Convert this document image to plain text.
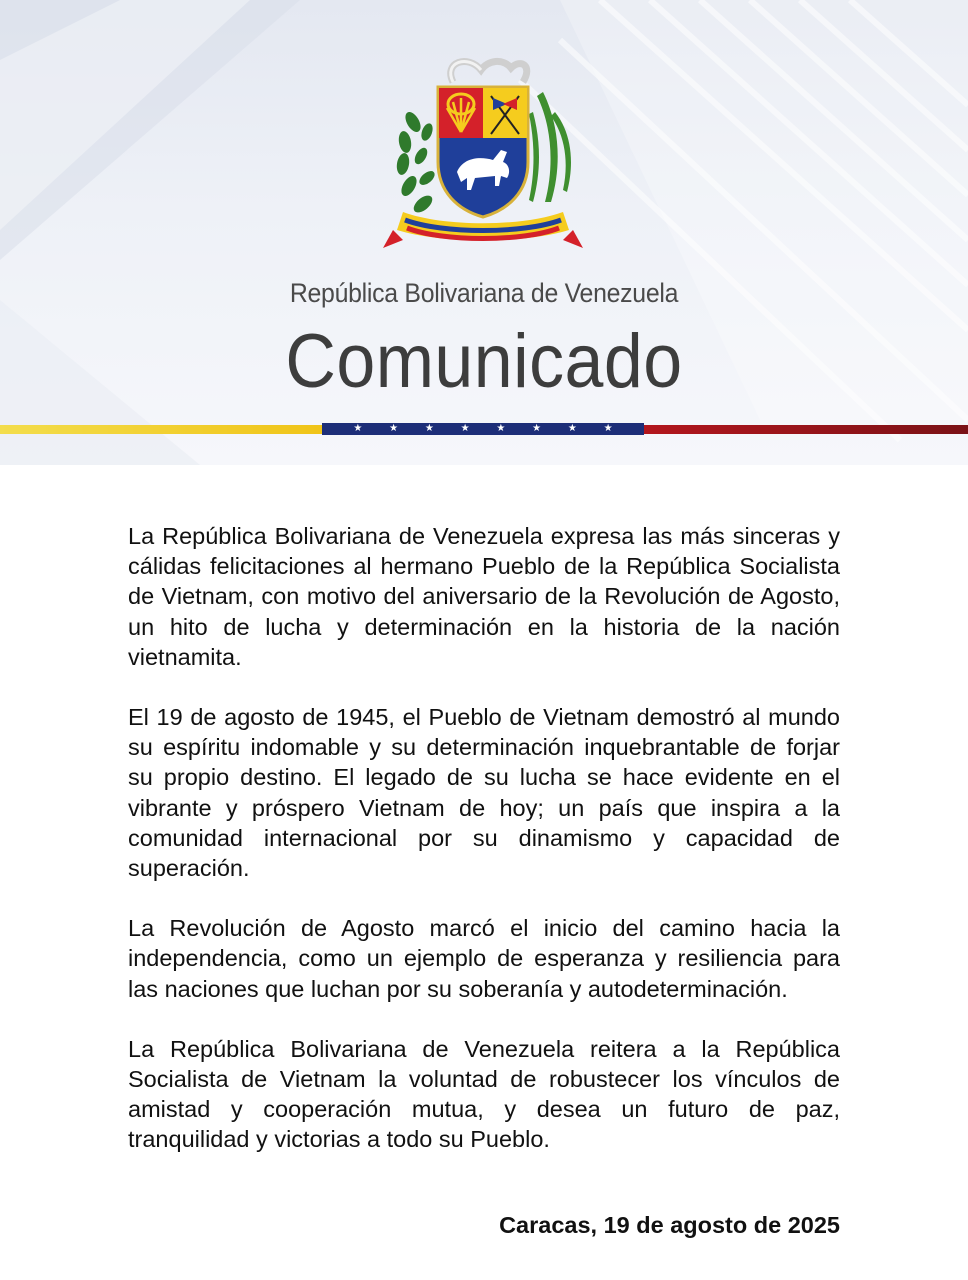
República Bolivariana de Venezuela
Comunicado
★	★	★	★	★	★	★	★

La República Bolivariana de Venezuela expresa las más sinceras y cálidas felicitaciones al hermano Pueblo de la República Socialista de Vietnam, con motivo del aniversario de la Revolución de Agosto, un hito de lucha y determinación en la historia de la nación vietnamita.

El 19 de agosto de 1945, el Pueblo de Vietnam demostró al mundo su espíritu indomable y su determinación inquebrantable de forjar su propio destino. El legado de su lucha se hace evidente en el vibrante y próspero Vietnam de hoy; un país que inspira a la comunidad internacional por su dinamismo y capacidad de superación.

La Revolución de Agosto marcó el inicio del camino hacia la independencia, como un ejemplo de esperanza y resiliencia para las naciones que luchan por su soberanía y autodeterminación.

La República Bolivariana de Venezuela reitera a la República Socialista de Vietnam la voluntad de robustecer los vínculos de amistad y cooperación mutua, y desea un futuro de paz, tranquilidad y victorias a todo su Pueblo.

Caracas, 19 de agosto de 2025
